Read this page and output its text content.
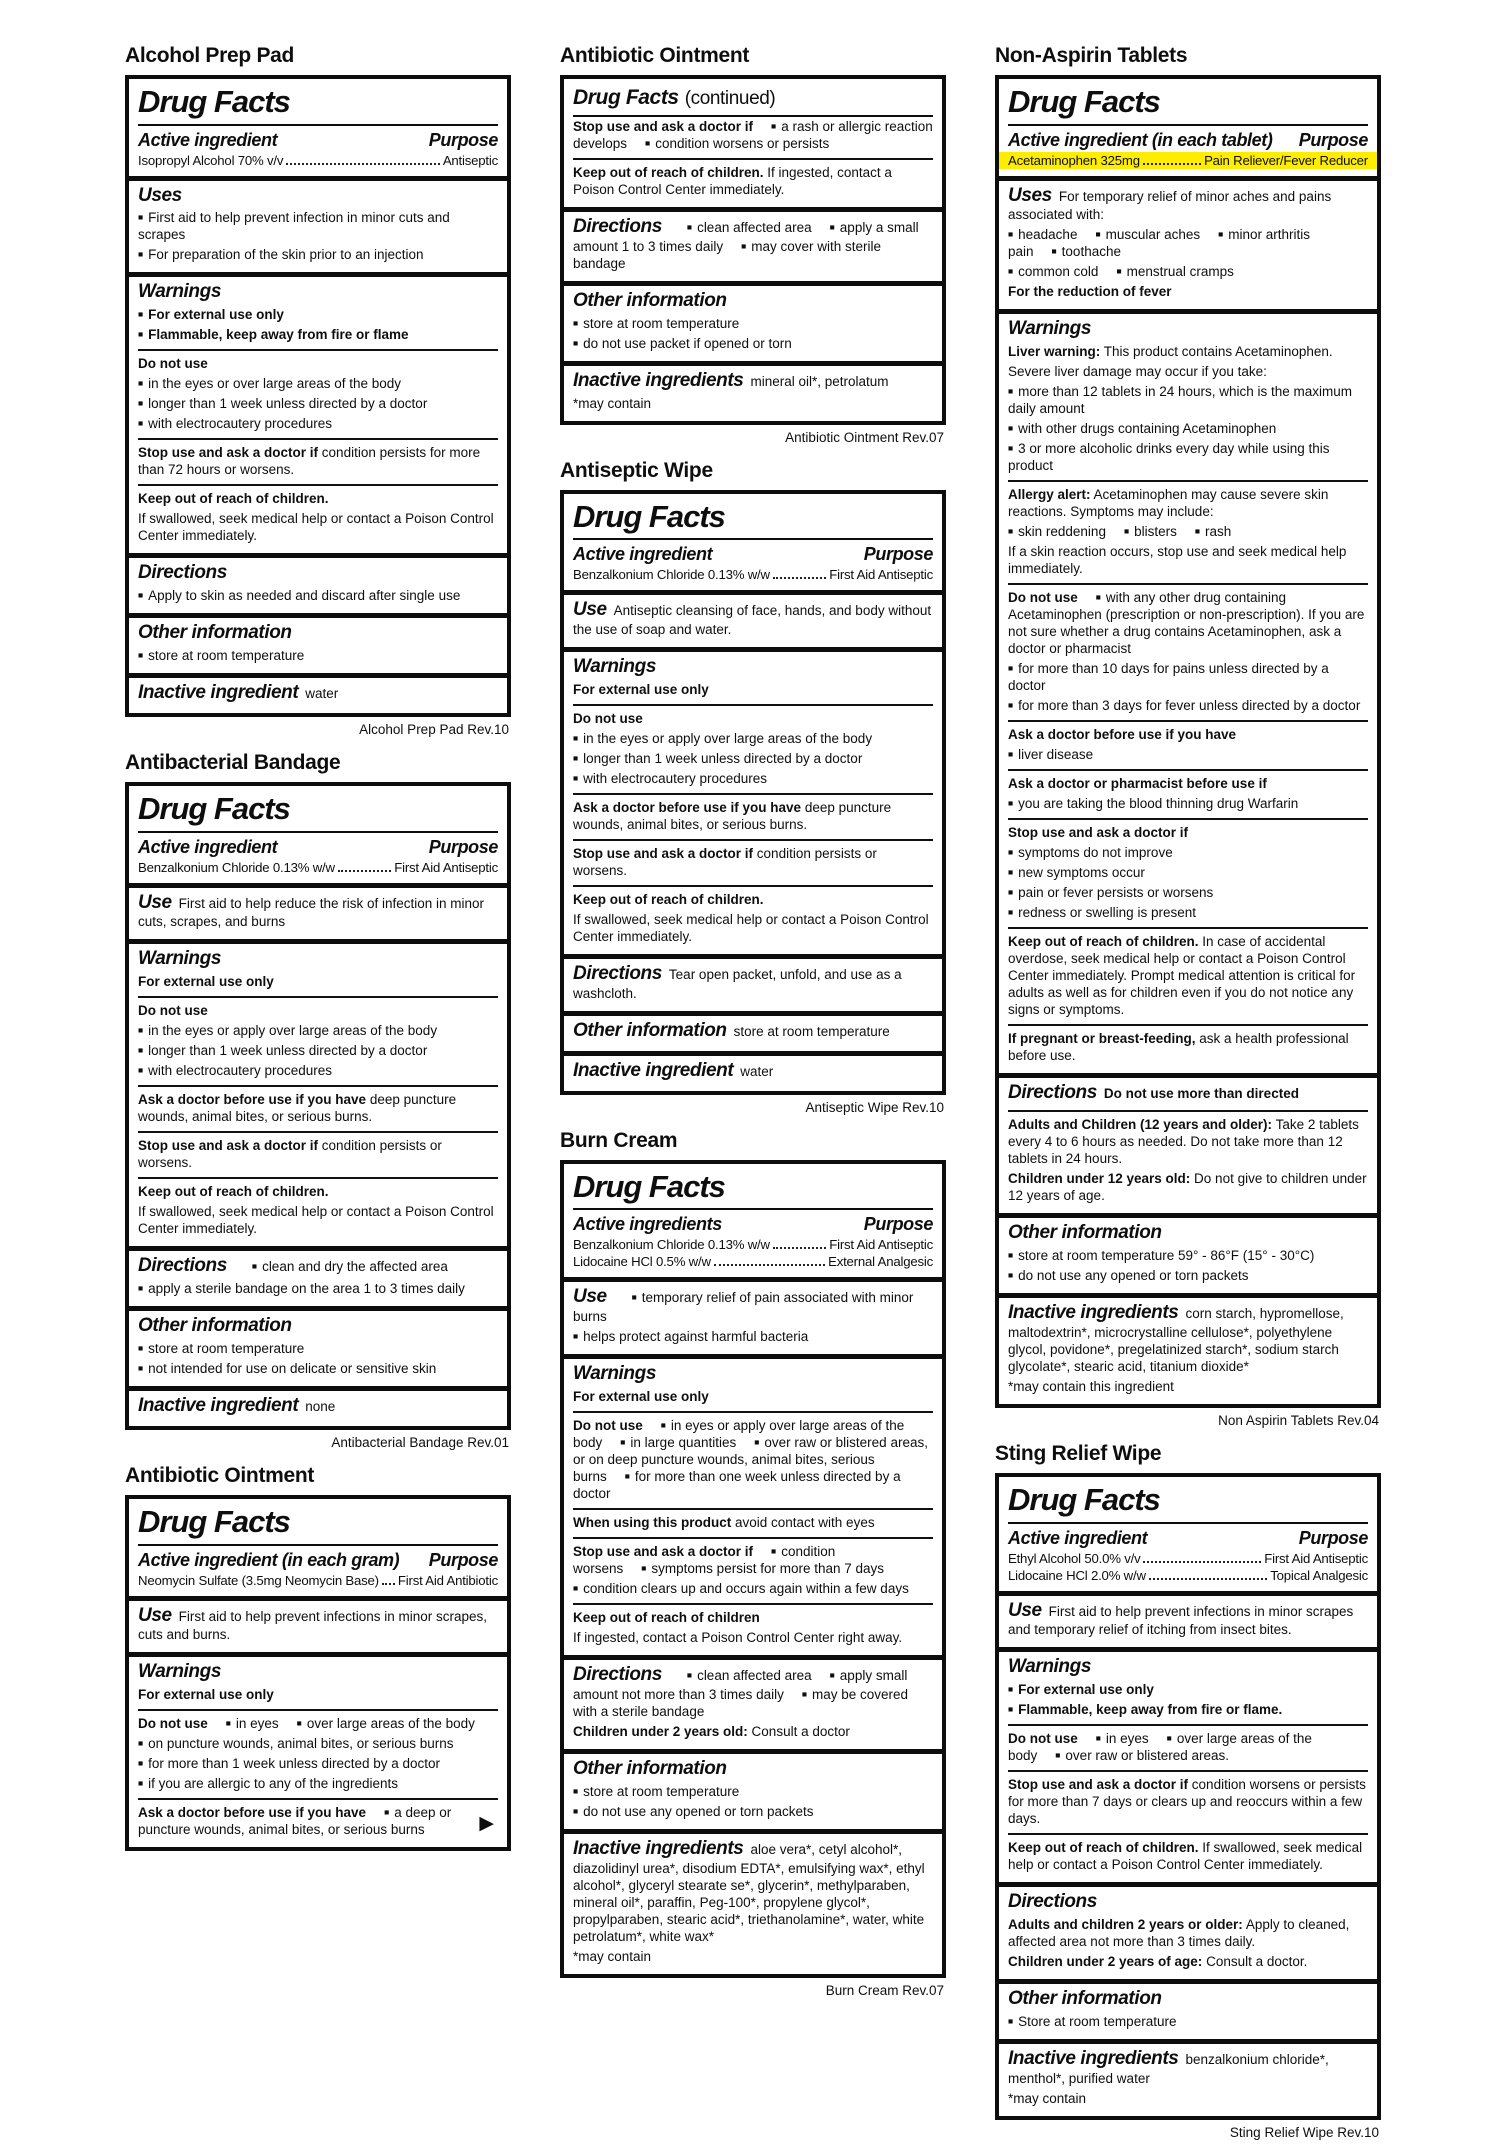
Alcohol Prep Pad
Drug Facts
Active ingredient	Purpose
Isopropyl Alcohol 70% v/v	Antiseptic
Uses
■ First aid to help prevent infection in minor cuts and scrapes
■ For preparation of the skin prior to an injection
Warnings
■ For external use only
■ Flammable, keep away from fire or flame
Do not use
■ in the eyes or over large areas of the body
■ longer than 1 week unless directed by a doctor
■ with electrocautery procedures
Stop use and ask a doctor if condition persists for more than 72 hours or worsens.
Keep out of reach of children.
If swallowed, seek medical help or contact a Poison Control Center immediately.
Directions
■ Apply to skin as needed and discard after single use
Other information
■ store at room temperature
Inactive ingredient water
Alcohol Prep Pad Rev.10
Antibacterial Bandage
Drug Facts
Active ingredient	Purpose
Benzalkonium Chloride 0.13% w/w	First Aid Antiseptic
Use First aid to help reduce the risk of infection in minor cuts, scrapes, and burns
Warnings
For external use only
Do not use
■ in the eyes or apply over large areas of the body
■ longer than 1 week unless directed by a doctor
■ with electrocautery procedures
Ask a doctor before use if you have deep puncture wounds, animal bites, or serious burns.
Stop use and ask a doctor if condition persists or worsens.
Keep out of reach of children.
If swallowed, seek medical help or contact a Poison Control Center immediately.
Directions	■ clean and dry the affected area
■ apply a sterile bandage on the area 1 to 3 times daily
Other information
■ store at room temperature
■ not intended for use on delicate or sensitive skin
Inactive ingredient none
Antibacterial Bandage Rev.01
Antibiotic Ointment
Drug Facts
Active ingredient (in each gram) Purpose
Neomycin Sulfate (3.5mg Neomycin Base) First Aid Antibiotic
Use First aid to help prevent infections in minor scrapes, cuts and burns.
Warnings
For external use only
Do not use ■ in eyes ■ over large areas of the body
■ on puncture wounds, animal bites, or serious burns
■ for more than 1 week unless directed by a doctor
■ if you are allergic to any of the ingredients
Ask a doctor before use if you have ■ a deep or puncture wounds, animal bites, or serious burns	▶

Antibiotic Ointment
Drug Facts (continued)
Stop use and ask a doctor if ■ a rash or allergic reaction develops ■ condition worsens or persists
Keep out of reach of children. If ingested, contact a Poison Control Center immediately.
Directions	■ clean affected area ■ apply a small amount 1 to 3 times daily ■ may cover with sterile bandage
Other information
■ store at room temperature
■ do not use packet if opened or torn
Inactive ingredients mineral oil*, petrolatum
*may contain
Antibiotic Ointment Rev.07
Antiseptic Wipe
Drug Facts
Active ingredient	Purpose
Benzalkonium Chloride 0.13% w/w	First Aid Antiseptic
Use Antiseptic cleansing of face, hands, and body without the use of soap and water.
Warnings
For external use only
Do not use
■ in the eyes or apply over large areas of the body
■ longer than 1 week unless directed by a doctor
■ with electrocautery procedures
Ask a doctor before use if you have deep puncture wounds, animal bites, or serious burns.
Stop use and ask a doctor if condition persists or worsens.
Keep out of reach of children.
If swallowed, seek medical help or contact a Poison Control Center immediately.
Directions Tear open packet, unfold, and use as a washcloth.
Other information store at room temperature
Inactive ingredient water
Antiseptic Wipe Rev.10
Burn Cream
Drug Facts
Active ingredients	Purpose
Benzalkonium Chloride 0.13% w/w	First Aid Antiseptic
Lidocaine HCl 0.5% w/w	External Analgesic
Use	■ temporary relief of pain associated with minor burns
■ helps protect against harmful bacteria
Warnings
For external use only
Do not use ■ in eyes or apply over large areas of the body ■ in large quantities ■ over raw or blistered areas, or on deep puncture wounds, animal bites, serious burns ■ for more than one week unless directed by a doctor
When using this product avoid contact with eyes
Stop use and ask a doctor if ■ condition worsens ■ symptoms persist for more than 7 days
■ condition clears up and occurs again within a few days
Keep out of reach of children
If ingested, contact a Poison Control Center right away.
Directions	■ clean affected area ■ apply small amount not more than 3 times daily ■ may be covered with a sterile bandage
Children under 2 years old: Consult a doctor
Other information
■ store at room temperature
■ do not use any opened or torn packets
Inactive ingredients aloe vera*, cetyl alcohol*, diazolidinyl urea*, disodium EDTA*, emulsifying wax*, ethyl alcohol*, glyceryl stearate se*, glycerin*, methylparaben, mineral oil*, paraffin, Peg-100*, propylene glycol*, propylparaben, stearic acid*, triethanolamine*, water, white petrolatum*, white wax*
*may contain
Burn Cream Rev.07
Non-Aspirin Tablets
Drug Facts
Active ingredient (in each tablet) Purpose
Acetaminophen 325mg	Pain Reliever/Fever Reducer
Uses For temporary relief of minor aches and pains associated with:
■ headache ■ muscular aches ■ minor arthritis pain ■ toothache
■ common cold ■ menstrual cramps
For the reduction of fever
Warnings
Liver warning: This product contains Acetaminophen.
Severe liver damage may occur if you take:
■ more than 12 tablets in 24 hours, which is the maximum daily amount
■ with other drugs containing Acetaminophen
■ 3 or more alcoholic drinks every day while using this product
Allergy alert: Acetaminophen may cause severe skin reactions. Symptoms may include:
■ skin reddening ■ blisters ■ rash
If a skin reaction occurs, stop use and seek medical help immediately.
Do not use ■ with any other drug containing Acetaminophen (prescription or non-prescription). If you are not sure whether a drug contains Acetaminophen, ask a doctor or pharmacist
■ for more than 10 days for pains unless directed by a doctor
■ for more than 3 days for fever unless directed by a doctor
Ask a doctor before use if you have
■ liver disease
Ask a doctor or pharmacist before use if
■ you are taking the blood thinning drug Warfarin
Stop use and ask a doctor if
■ symptoms do not improve
■ new symptoms occur
■ pain or fever persists or worsens
■ redness or swelling is present
Keep out of reach of children. In case of accidental overdose, seek medical help or contact a Poison Control Center immediately. Prompt medical attention is critical for adults as well as for children even if you do not notice any signs or symptoms.
If pregnant or breast-feeding, ask a health professional before use.
Directions Do not use more than directed
Adults and Children (12 years and older): Take 2 tablets every 4 to 6 hours as needed. Do not take more than 12 tablets in 24 hours.
Children under 12 years old: Do not give to children under 12 years of age.
Other information
■ store at room temperature 59° - 86°F (15° - 30°C)
■ do not use any opened or torn packets
Inactive ingredients corn starch, hypromellose, maltodextrin*, microcrystalline cellulose*, polyethylene glycol, povidone*, pregelatinized starch*, sodium starch glycolate*, stearic acid, titanium dioxide*
*may contain this ingredient
Non Aspirin Tablets Rev.04
Sting Relief Wipe
Drug Facts
Active ingredient	Purpose
Ethyl Alcohol 50.0% v/v	First Aid Antiseptic
Lidocaine HCl 2.0% w/w	Topical Analgesic
Use First aid to help prevent infections in minor scrapes and temporary relief of itching from insect bites.
Warnings
■ For external use only
■ Flammable, keep away from fire or flame.
Do not use ■ in eyes ■ over large areas of the body ■ over raw or blistered areas.
Stop use and ask a doctor if condition worsens or persists for more than 7 days or clears up and reoccurs within a few days.
Keep out of reach of children. If swallowed, seek medical help or contact a Poison Control Center immediately.
Directions
Adults and children 2 years or older: Apply to cleaned, affected area not more than 3 times daily.
Children under 2 years of age: Consult a doctor.
Other information
■ Store at room temperature
Inactive ingredients benzalkonium chloride*, menthol*, purified water
*may contain
Sting Relief Wipe Rev.10
